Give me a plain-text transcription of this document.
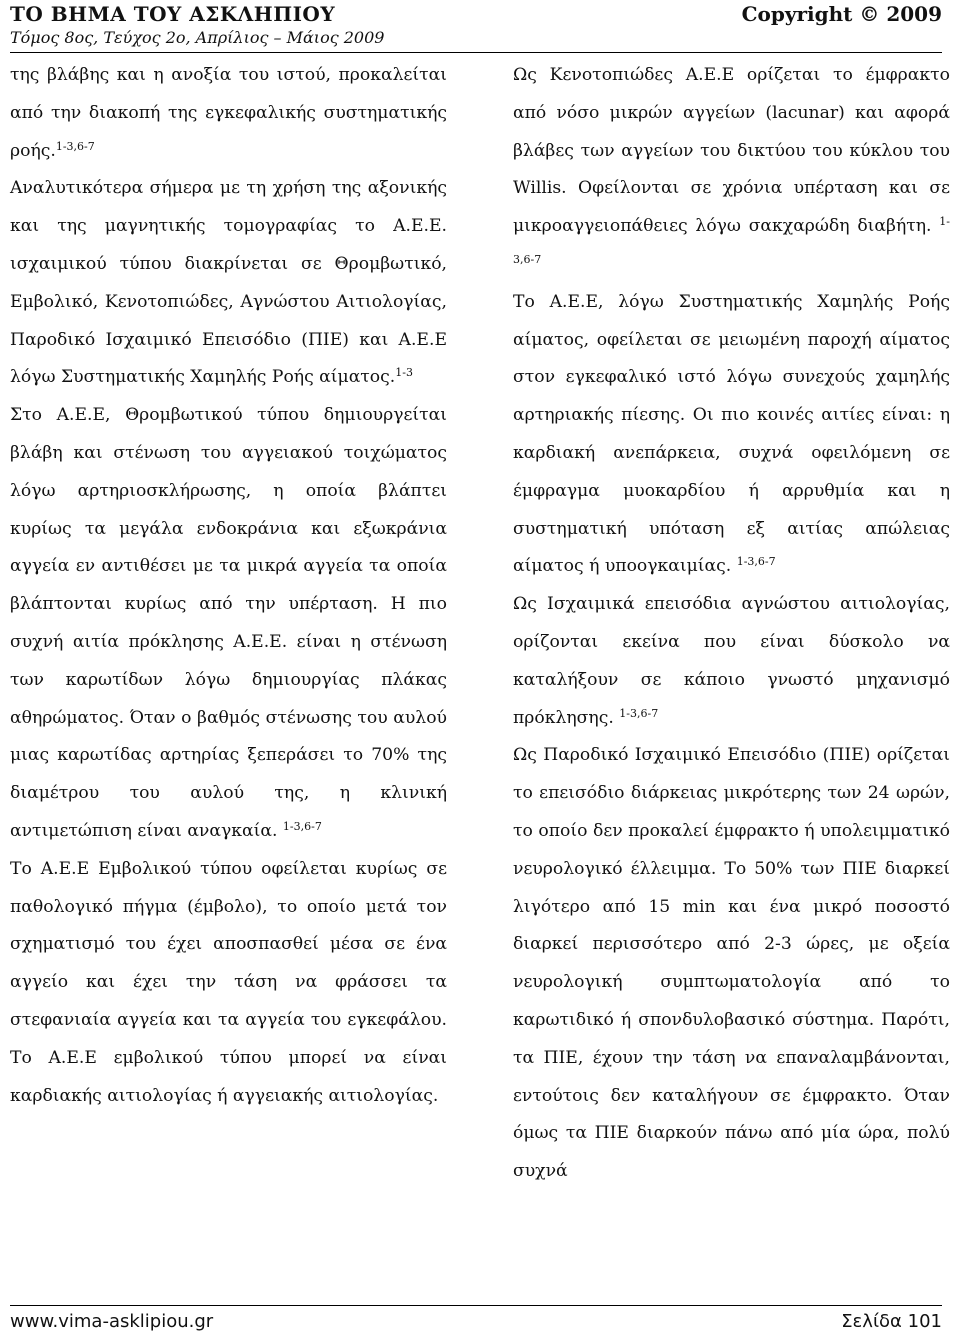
ΤΟ ΒΗΜΑ ΤΟΥ ΑΣΚΛΗΠΙΟΥ
Τόμος 8ος, Τεύχος 2ο, Απρίλιος – Μάιος 2009
Copyright © 2009

της βλάβης και η ανοξία του ιστού, προκαλείται από την διακοπή της εγκεφαλικής συστηματικής ροής.$^{1-3,6-7}$

Αναλυτικότερα σήμερα με τη χρήση της αξονικής και της μαγνητικής τομογραφίας το Α.Ε.Ε. ισχαιμικού τύπου διακρίνεται σε Θρομβωτικό, Εμβολικό, Κενοτοπιώδες, Αγνώστου Αιτιολογίας, Παροδικό Ισχαιμικό Επεισόδιο (ΠΙΕ) και Α.Ε.Ε λόγω Συστηματικής Χαμηλής Ροής αίματος.$^{1-3}$

Στο Α.Ε.Ε, Θρομβωτικού τύπου δημιουργείται βλάβη και στένωση του αγγειακού τοιχώματος λόγω αρτηριοσκλήρωσης, η οποία βλάπτει κυρίως τα μεγάλα ενδοκράνια και εξωκράνια αγγεία εν αντιθέσει με τα μικρά αγγεία τα οποία βλάπτονται κυρίως από την υπέρταση. Η πιο συχνή αιτία πρόκλησης Α.Ε.Ε. είναι η στένωση των καρωτίδων λόγω δημιουργίας πλάκας αθηρώματος. Όταν ο βαθμός στένωσης του αυλού μιας καρωτίδας αρτηρίας ξεπεράσει το 70% της διαμέτρου του αυλού της, η κλινική αντιμετώπιση είναι αναγκαία. $^{1-3,6-7}$

Το Α.Ε.Ε Εμβολικού τύπου οφείλεται κυρίως σε παθολογικό πήγμα (έμβολο), το οποίο μετά τον σχηματισμό του έχει αποσπασθεί μέσα σε ένα αγγείο και έχει την τάση να φράσσει τα στεφανιαία αγγεία και τα αγγεία του εγκεφάλου. Το Α.Ε.Ε εμβολικού τύπου μπορεί να είναι καρδιακής αιτιολογίας ή αγγειακής αιτιολογίας.

Ως Κενοτοπιώδες Α.Ε.Ε ορίζεται το έμφρακτο από νόσο μικρών αγγείων (lacunar) και αφορά βλάβες των αγγείων του δικτύου του κύκλου του Willis. Οφείλονται σε χρόνια υπέρταση και σε μικροαγγειοπάθειες λόγω σακχαρώδη διαβήτη. $^{1-3,6-7}$

Το Α.Ε.Ε, λόγω Συστηματικής Χαμηλής Ροής αίματος, οφείλεται σε μειωμένη παροχή αίματος στον εγκεφαλικό ιστό λόγω συνεχούς χαμηλής αρτηριακής πίεσης. Οι πιο κοινές αιτίες είναι: η καρδιακή ανεπάρκεια, συχνά οφειλόμενη σε έμφραγμα μυοκαρδίου ή αρρυθμία και η συστηματική υπόταση εξ αιτίας απώλειας αίματος ή υποογκαιμίας. $^{1-3,6-7}$

Ως Ισχαιμικά επεισόδια αγνώστου αιτιολογίας, ορίζονται εκείνα που είναι δύσκολο να καταλήξουν σε κάποιο γνωστό μηχανισμό πρόκλησης. $^{1-3,6-7}$

Ως Παροδικό Ισχαιμικό Επεισόδιο (ΠΙΕ) ορίζεται το επεισόδιο διάρκειας μικρότερης των 24 ωρών, το οποίο δεν προκαλεί έμφρακτο ή υπολειμματικό νευρολογικό έλλειμμα. Το 50% των ΠΙΕ διαρκεί λιγότερο από 15 min και ένα μικρό ποσοστό διαρκεί περισσότερο από 2-3 ώρες, με οξεία νευρολογική συμπτωματολογία από το καρωτιδικό ή σπονδυλοβασικό σύστημα. Παρότι, τα ΠΙΕ, έχουν την τάση να επαναλαμβάνονται, εντούτοις δεν καταλήγουν σε έμφρακτο. Όταν όμως τα ΠΙΕ διαρκούν πάνω από μία ώρα, πολύ συχνά

www.vima-asklipiou.gr	Σελίδα 101
